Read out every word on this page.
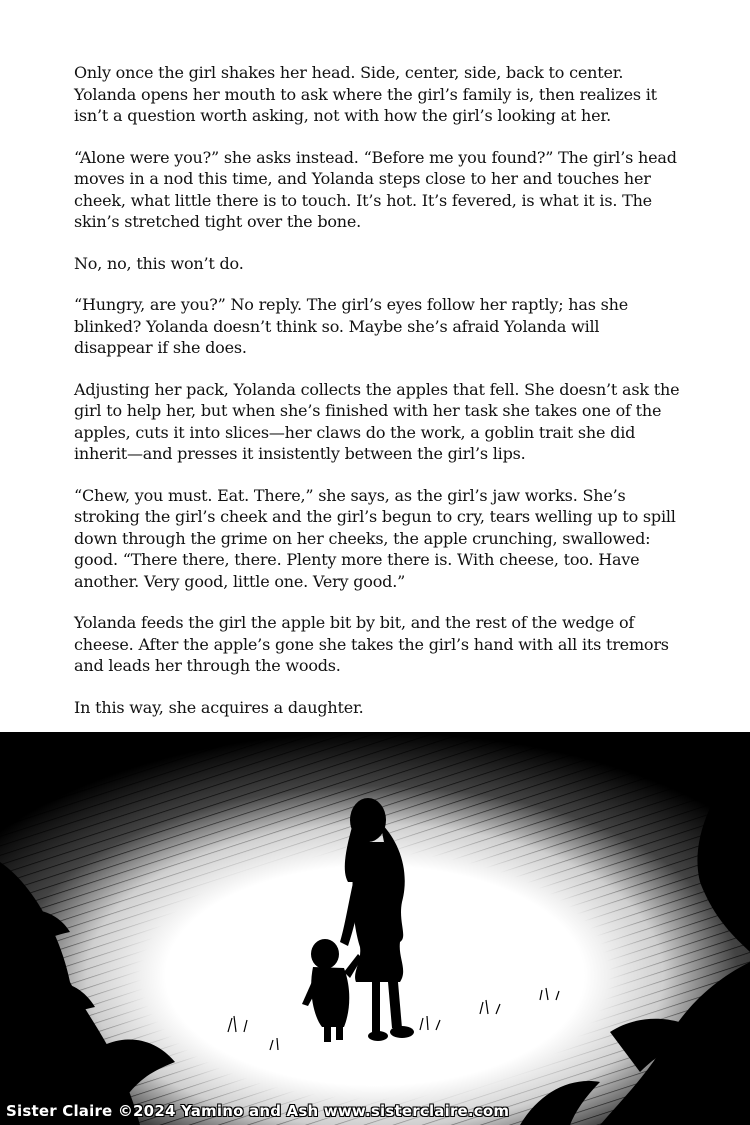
Only once the girl shakes her head. Side, center, side, back to center. Yolanda opens her mouth to ask where the girl’s family is, then realizes it isn’t a question worth asking, not with how the girl’s looking at her.

“Alone were you?” she asks instead. “Before me you found?” The girl’s head moves in a nod this time, and Yolanda steps close to her and touches her cheek, what little there is to touch. It’s hot. It’s fevered, is what it is. The skin’s stretched tight over the bone.

No, no, this won’t do.

“Hungry, are you?” No reply. The girl’s eyes follow her raptly; has she blinked? Yolanda doesn’t think so. Maybe she’s afraid Yolanda will disappear if she does.

Adjusting her pack, Yolanda collects the apples that fell. She doesn’t ask the girl to help her, but when she’s finished with her task she takes one of the apples, cuts it into slices—her claws do the work, a goblin trait she did inherit—and presses it insistently between the girl’s lips.

“Chew, you must. Eat. There,” she says, as the girl’s jaw works. She’s stroking the girl’s cheek and the girl’s begun to cry, tears welling up to spill down through the grime on her cheeks, the apple crunching, swallowed: good. “There there, there. Plenty more there is. With cheese, too. Have another. Very good, little one. Very good.”

Yolanda feeds the girl the apple bit by bit, and the rest of the wedge of cheese. After the apple’s gone she takes the girl’s hand with all its tremors and leads her through the woods.

In this way, she acquires a daughter.

Sister Claire ©2024 Yamino and Ash www.sisterclaire.com
